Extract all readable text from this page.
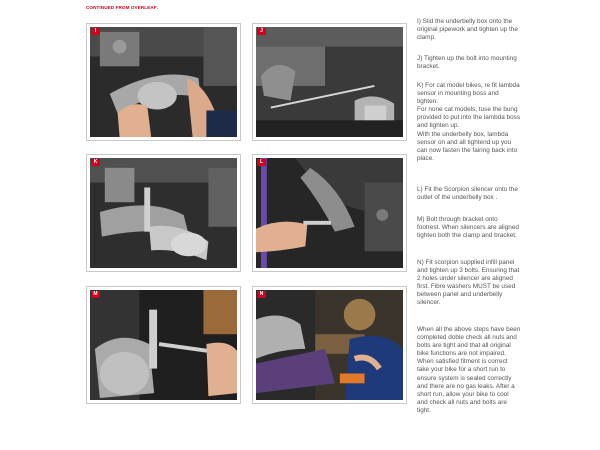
CONTINUED FROM OVERLEAF:
I	J
K	L
M	N

I) Slid the underbelly box onto the original pipework and tighten up the clamp.

J) Tighten up the bolt into mounting bracket.

K) For cat model bikes, re fit lambda sensor in mounting boss and tighten.

For none cat models, tuse the bung provided to put into the lambda boss and tighten up.

With the underbelly box, lambda sensor on and all tightend up you can now fasten the fairing back into place.

L) Fit the Scorpion silencer onto the outlet of the underbelly box .

M) Bolt through bracket onto footrest. When silencers are aligned tighten both the clamp and bracket.

N) Fit scorpion supplied infill panel and tighten up 3 bolts. Ensuring that 2 holes under silencer are aligned first. Fibre washers MUST be used between panel and underbelly silencer.

When all the above steps have been completed doble check all nuts and bolts are tight and that all original bike functions are not impaired. When satisfied fitment is correct take your bike for a short run to ensure system is sealed correctly and there are no gas leaks. After a short run, allow your bike to cool and check all nuts and bolts are tight.
